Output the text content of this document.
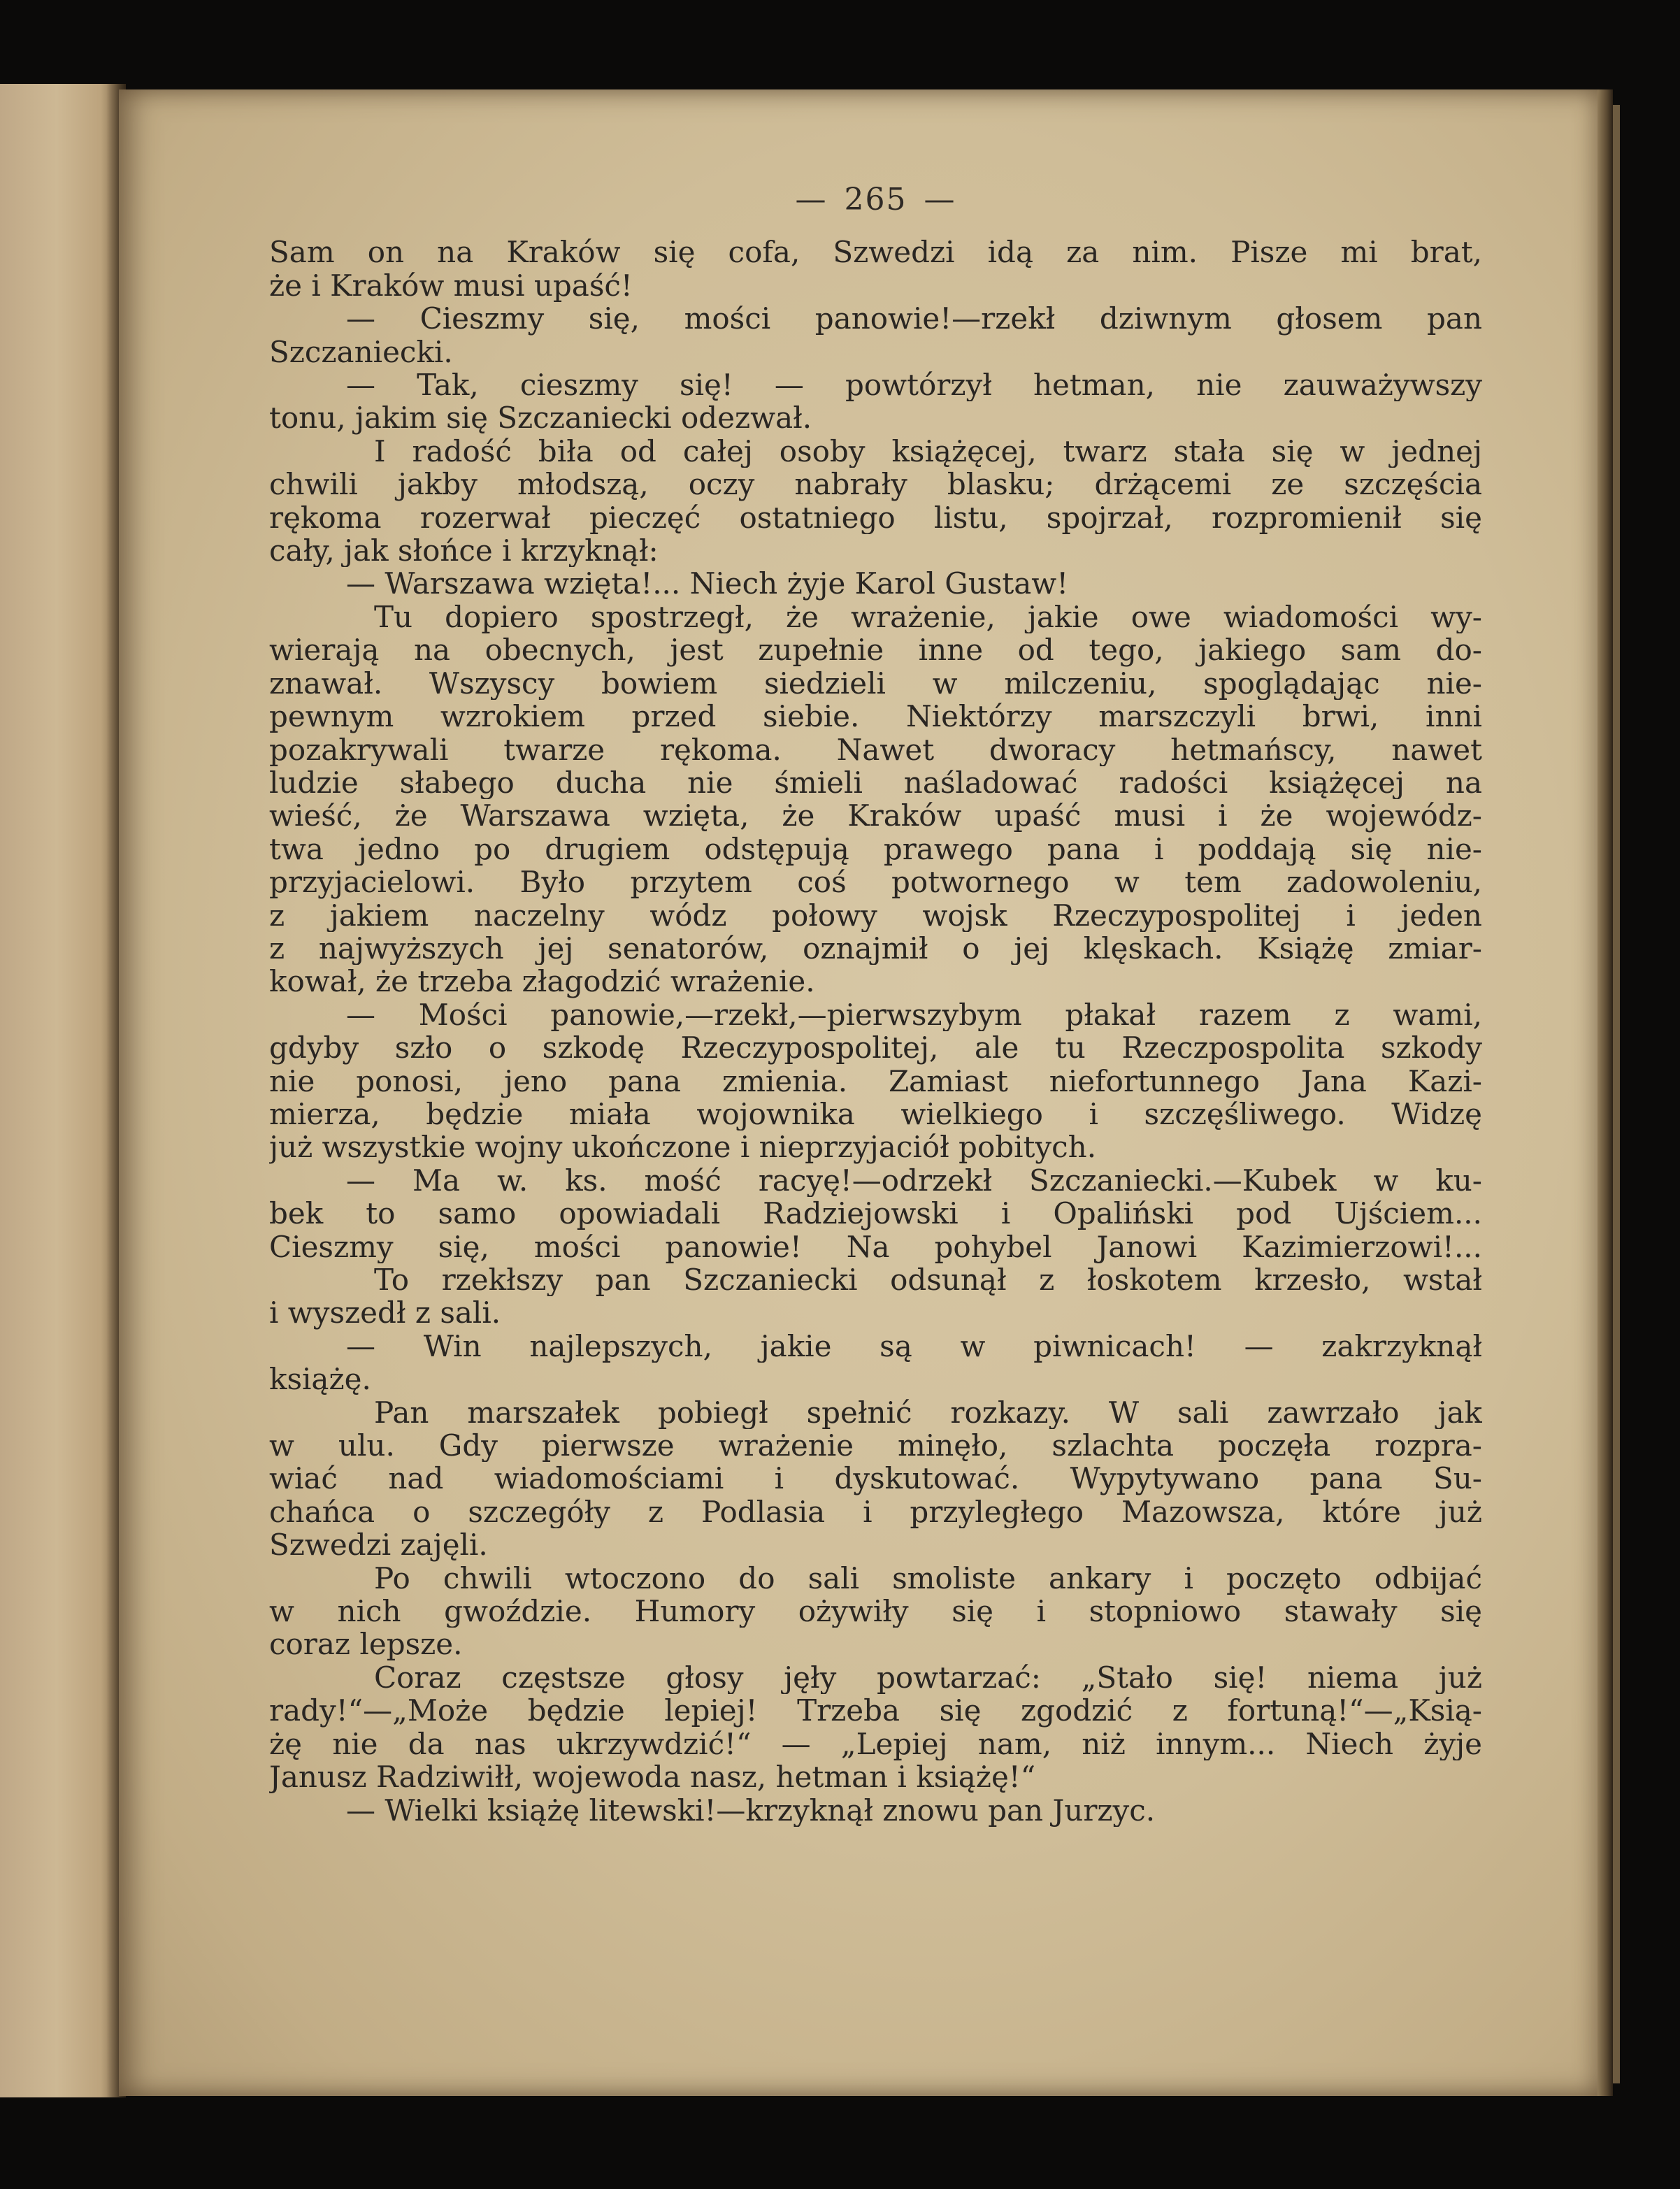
— 265 —
Sam on na Kraków się cofa, Szwedzi idą za nim. Pisze mi brat,
że i Kraków musi upaść!
— Cieszmy się, mości panowie!—rzekł dziwnym głosem pan
Szczaniecki.
— Tak, cieszmy się! — powtórzył hetman, nie zauważywszy
tonu, jakim się Szczaniecki odezwał.
I radość biła od całej osoby książęcej, twarz stała się w jednej
chwili jakby młodszą, oczy nabrały blasku; drżącemi ze szczęścia
rękoma rozerwał pieczęć ostatniego listu, spojrzał, rozpromienił się
cały, jak słońce i krzyknął:
— Warszawa wzięta!... Niech żyje Karol Gustaw!
Tu dopiero spostrzegł, że wrażenie, jakie owe wiadomości wy-
wierają na obecnych, jest zupełnie inne od tego, jakiego sam do-
znawał. Wszyscy bowiem siedzieli w milczeniu, spoglądając nie-
pewnym wzrokiem przed siebie. Niektórzy marszczyli brwi, inni
pozakrywali twarze rękoma. Nawet dworacy hetmańscy, nawet
ludzie słabego ducha nie śmieli naśladować radości książęcej na
wieść, że Warszawa wzięta, że Kraków upaść musi i że wojewódz-
twa jedno po drugiem odstępują prawego pana i poddają się nie-
przyjacielowi. Było przytem coś potwornego w tem zadowoleniu,
z jakiem naczelny wódz połowy wojsk Rzeczypospolitej i jeden
z najwyższych jej senatorów, oznajmił o jej klęskach. Książę zmiar-
kował, że trzeba złagodzić wrażenie.
— Mości panowie,—rzekł,—pierwszybym płakał razem z wami,
gdyby szło o szkodę Rzeczypospolitej, ale tu Rzeczpospolita szkody
nie ponosi, jeno pana zmienia. Zamiast niefortunnego Jana Kazi-
mierza, będzie miała wojownika wielkiego i szczęśliwego. Widzę
już wszystkie wojny ukończone i nieprzyjaciół pobitych.
— Ma w. ks. mość racyę!—odrzekł Szczaniecki.—Kubek w ku-
bek to samo opowiadali Radziejowski i Opaliński pod Ujściem...
Cieszmy się, mości panowie! Na pohybel Janowi Kazimierzowi!...
To rzekłszy pan Szczaniecki odsunął z łoskotem krzesło, wstał
i wyszedł z sali.
— Win najlepszych, jakie są w piwnicach! — zakrzyknął
książę.
Pan marszałek pobiegł spełnić rozkazy. W sali zawrzało jak
w ulu. Gdy pierwsze wrażenie minęło, szlachta poczęła rozpra-
wiać nad wiadomościami i dyskutować. Wypytywano pana Su-
chańca o szczegóły z Podlasia i przyległego Mazowsza, które już
Szwedzi zajęli.
Po chwili wtoczono do sali smoliste ankary i poczęto odbijać
w nich gwoździe. Humory ożywiły się i stopniowo stawały się
coraz lepsze.
Coraz częstsze głosy jęły powtarzać: „Stało się! niema już
rady!“—„Może będzie lepiej! Trzeba się zgodzić z fortuną!“—„Ksią-
żę nie da nas ukrzywdzić!“ — „Lepiej nam, niż innym... Niech żyje
Janusz Radziwiłł, wojewoda nasz, hetman i książę!“
— Wielki książę litewski!—krzyknął znowu pan Jurzyc.
